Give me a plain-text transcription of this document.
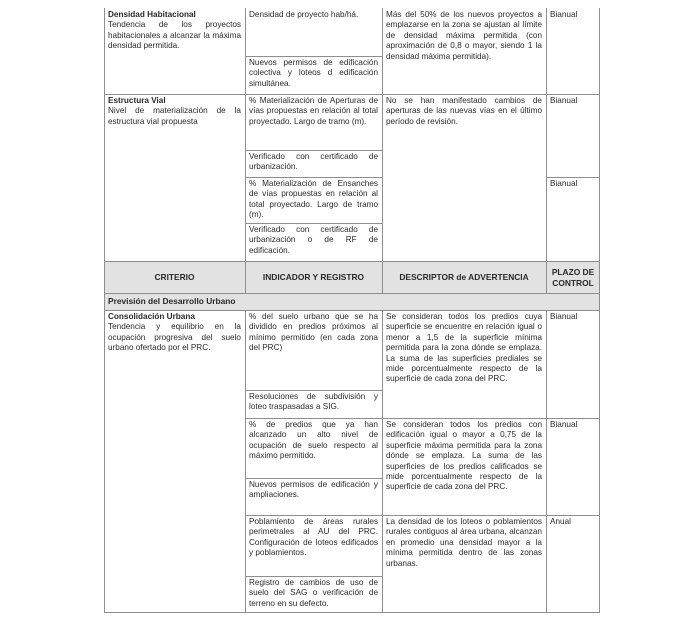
Densidad Habitacional
Tendencia de los proyectos habitacionales a alcanzar la máxima densidad permitida.
Densidad de proyecto hab/há.
Nuevos permisos de edificación colectiva y loteos d edificación simultánea.
Más del 50% de los nuevos proyectos a emplazarse en la zona se ajustan al límite de densidad máxima permitida (con aproximación de 0,8 o mayor, siendo 1 la densidad máxima permitida).
Bianual
Estructura Vial
Nivel de materialización de la estructura vial propuesta
% Materialización de Aperturas de vías propuestas en relación al total proyectado. Largo de tramo (m).
Verificado con certificado de urbanización.
% Materialización de Ensanches de vías propuestas en relación al total proyectado. Largo de tramo (m).
Verificado con certificado de urbanización o de RF de edificación.
No se han manifestado cambios de aperturas de las nuevas vías en el último período de revisión.
Bianual
Bianual
CRITERIO	INDICADOR Y REGISTRO	DESCRIPTOR de ADVERTENCIA
PLAZO DE CONTROL
Previsión del Desarrollo Urbano
Consolidación Urbana
Tendencia y equilibrio en la ocupación progresiva del suelo urbano ofertado por el PRC.
% del suelo urbano que se ha dividido en predios próximos al mínimo permitido (en cada zona del PRC)
Resoluciones de subdivisión y loteo traspasadas a SIG.
% de predios que ya han alcanzado un alto nivel de ocupación de suelo respecto al máximo permitido.
Nuevos permisos de edificación y ampliaciones.
Poblamiento de áreas rurales perimetrales al AU del PRC. Configuración de loteos edificados y poblamientos.
Registro de cambios de uso de suelo del SAG o verificación de terreno en su defecto.
Se consideran todos los predios cuya superficie se encuentre en relación igual o menor a 1,5 de la superficie mínima permitida para la zona dónde se emplaza. La suma de las superficies prediales se mide porcentualmente respecto de la superficie de cada zona del PRC.
Se consideran todos los predios con edificación igual o mayor a 0,75 de la superficie máxima permitida para la zona dónde se emplaza. La suma de las superficies de los predios calificados se mide porcentualmente respecto de la superficie de cada zona del PRC.
La densidad de los loteos o poblamientos rurales contiguos al área urbana, alcanzan en promedio una densidad mayor a la mínima permitida dentro de las zonas urbanas.
Bianual
Bianual
Anual
